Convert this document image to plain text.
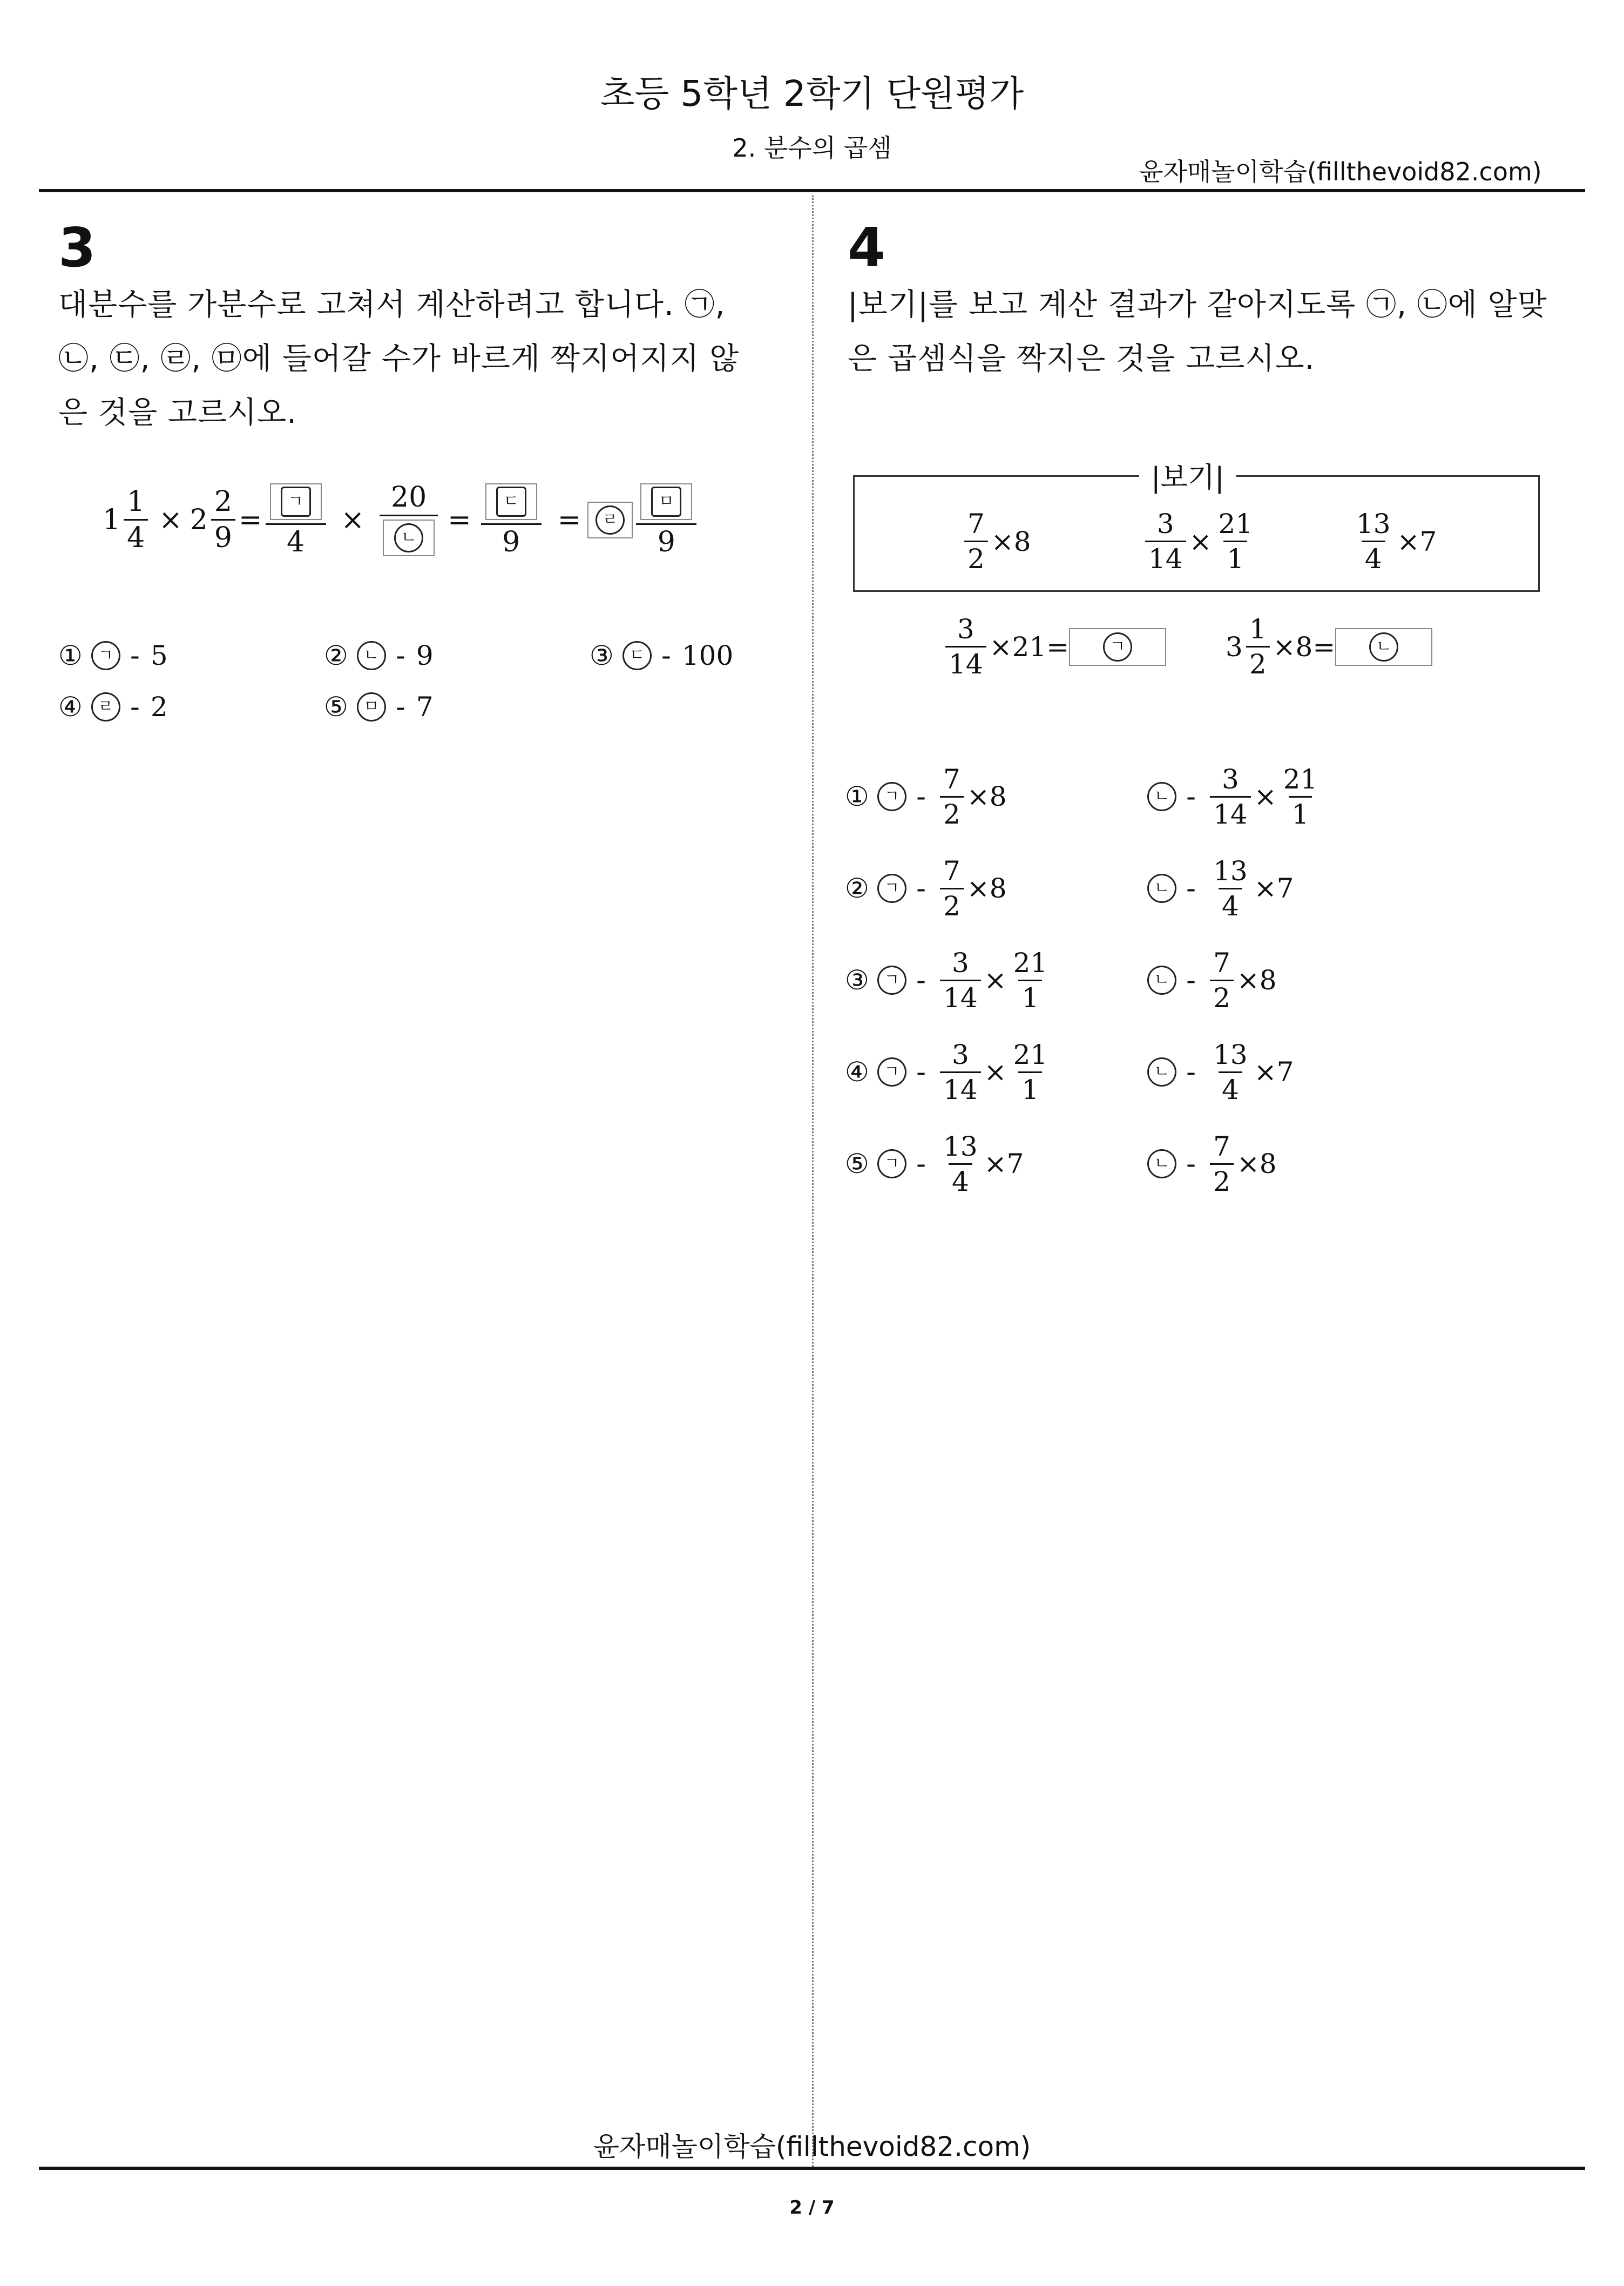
초등 5학년 2학기 단원평가
2. 분수의 곱셈
윤자매놀이학습(fillthevoid82.com)
3
대분수를 가분수로 고쳐서 계산하려고 합니다. ㉠,
㉡, ㉢, ㉣, ㉤에 들어갈 수가 바르게 짝지어지지 않
은 것을 고르시오.
$1 \frac{1}{4} \times 2 \frac{2}{9} = \frac{\text{ㄱ}}{4} \times \frac{20}{\text{ㄴ}} = \frac{\text{ㄷ}}{9}$ =	ㄹ	$\frac{\text{ㅁ}}{9}$
① ㄱ - 5	② ㄴ - 9	③ ㄷ - 100
④ ㄹ - 2	⑤ ㅁ - 7
4
|보기|를 보고 계산 결과가 같아지도록 ㉠, ㉡에 알맞
은 곱셈식을 짝지은 것을 고르시오.
|보기|
$\frac{7}{2} \times 8$	$\frac{3}{14} \times \frac{21}{1}$	$\frac{13}{4} \times 7$
$\frac{3}{14} \times 21=$	ㄱ	$3 \frac{1}{2} \times 8=$	ㄴ
① ㄱ - $\frac{7}{2} \times 8$	ㄴ - $\frac{3}{14} \times \frac{21}{1}$
② ㄱ - $\frac{7}{2} \times 8$	ㄴ - $\frac{13}{4} \times 7$
③ ㄱ - $\frac{3}{14} \times \frac{21}{1}$	ㄴ - $\frac{7}{2} \times 8$
④ ㄱ - $\frac{3}{14} \times \frac{21}{1}$	ㄴ - $\frac{13}{4} \times 7$
⑤ ㄱ - $\frac{13}{4} \times 7$	ㄴ - $\frac{7}{2} \times 8$
윤자매놀이학습(fillthevoid82.com)
2 / 7
